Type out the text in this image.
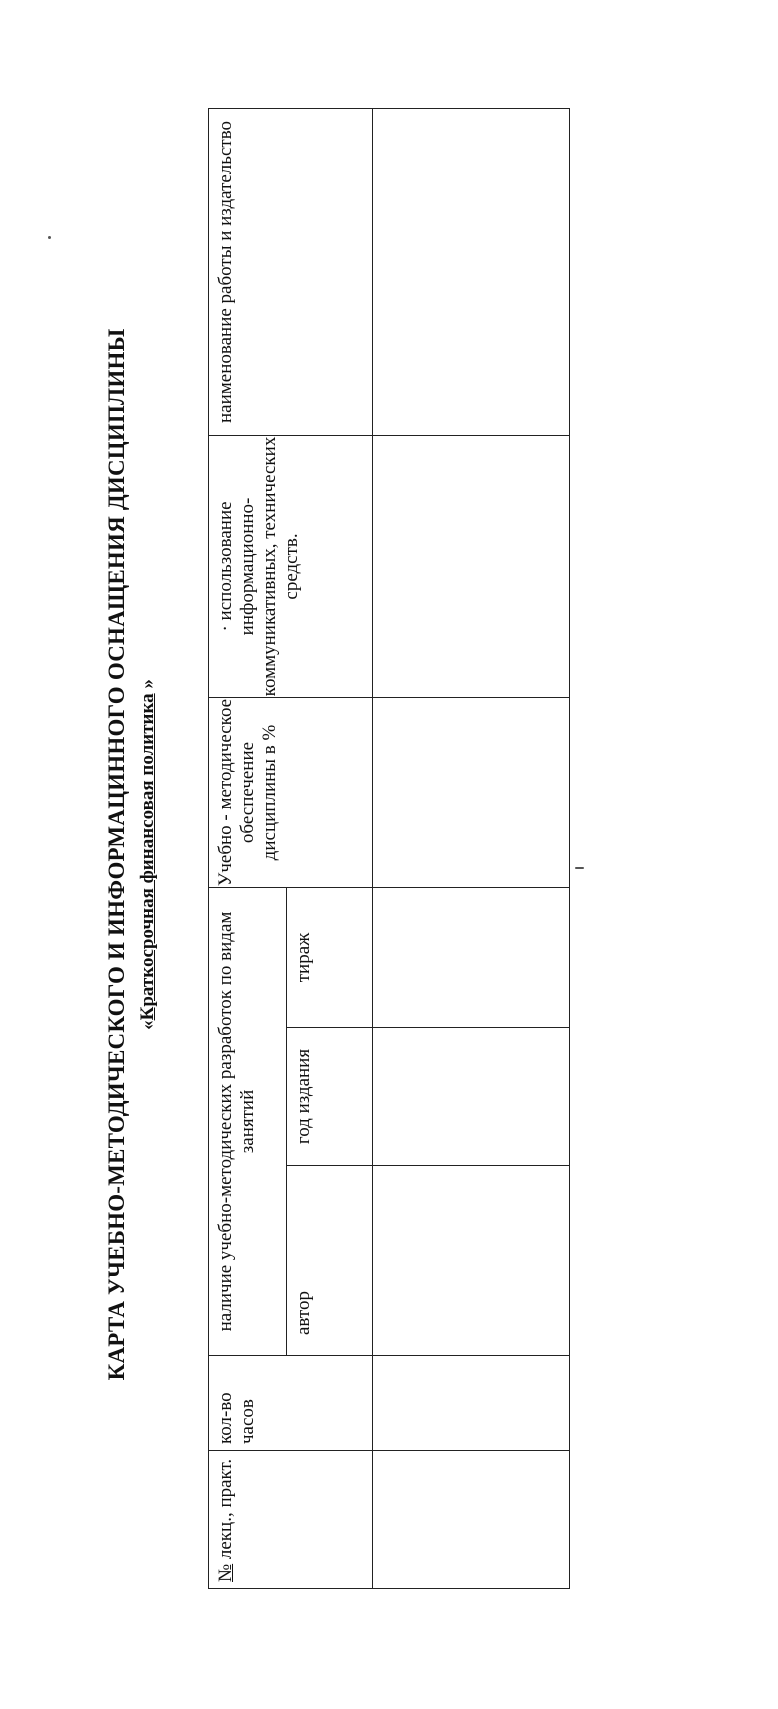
КАРТА УЧЕБНО-МЕТОДИЧЕСКОГО И ИНФОРМАЦИННОГО ОСНАЩЕНИЯ ДИСЦИПЛИНЫ «Краткосрочная финансовая политика »
№ лекц., практ.	кол-во часов	наличие учебно-методических разработок по видам занятий			Учебно - методическое обеспечение дисциплины в %	· использование информационно-коммуникативных, технических средств.	наименование работы и издательство

		автор	год издания	тираж			
